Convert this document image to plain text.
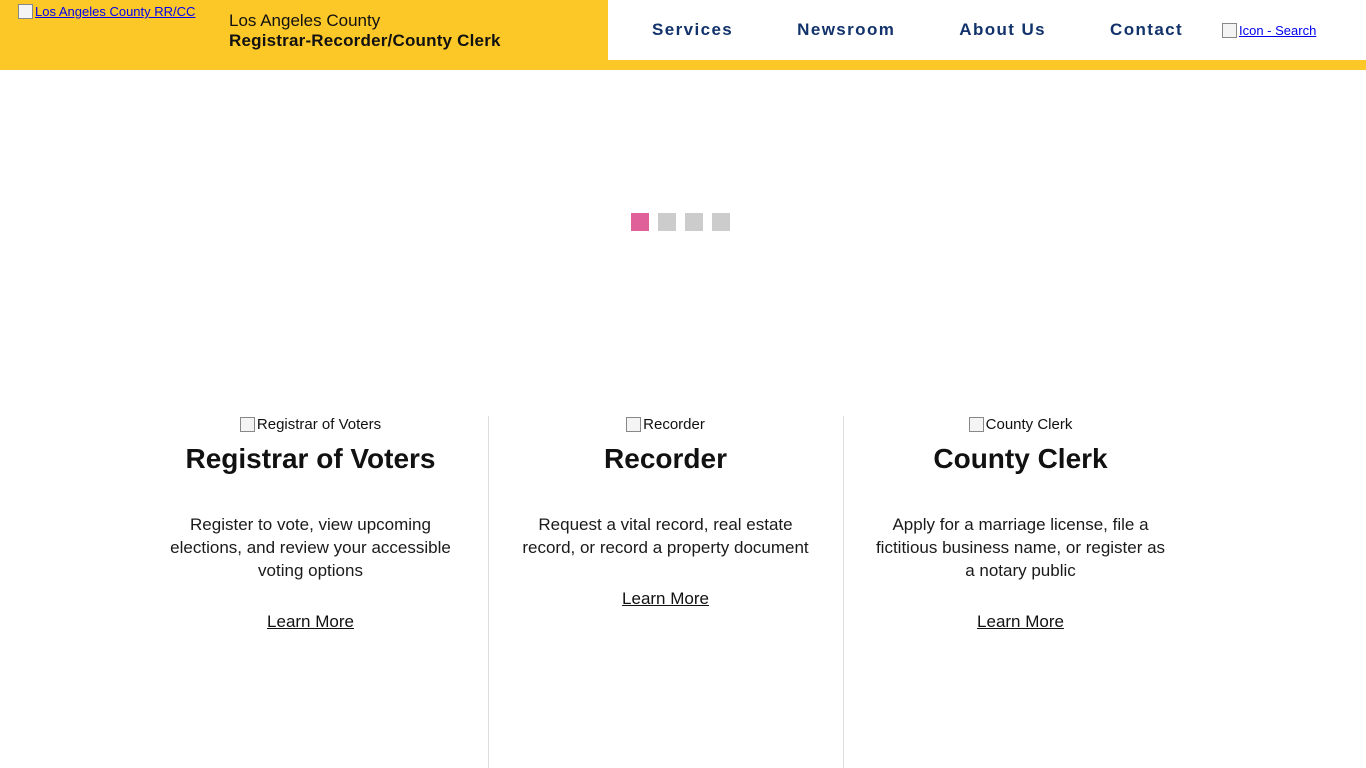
Los Angeles County RR/CC Los Angeles County
Registrar-Recorder/County Clerk
Services	Newsroom	About Us	Contact	Icon - Search
Registrar of Voters
Registrar of Voters

Register to vote, view upcoming elections, and review your accessible voting options

Learn More
Recorder
Recorder

Request a vital record, real estate record, or record a property document

Learn More
County Clerk
County Clerk

Apply for a marriage license, file a fictitious business name, or register as a notary public

Learn More
